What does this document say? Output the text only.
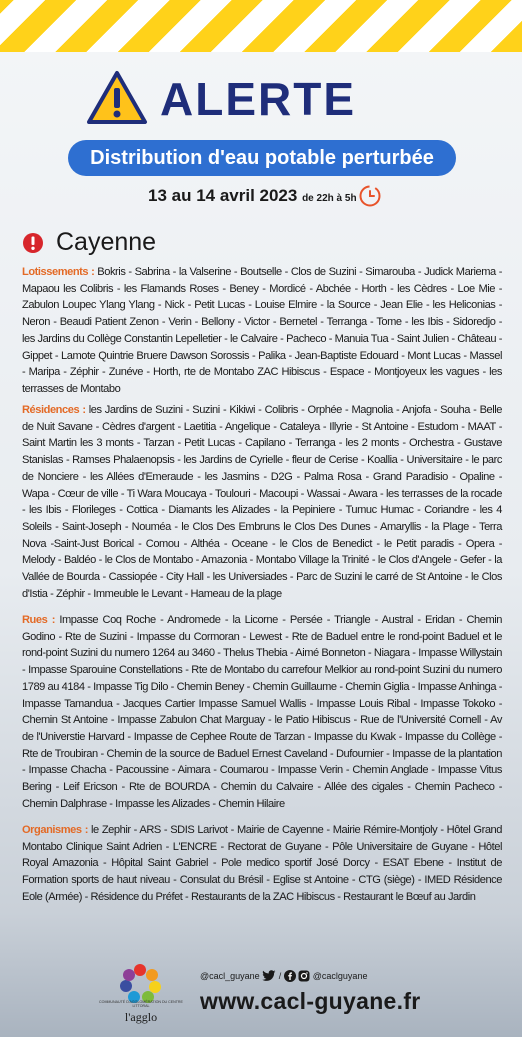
ALERTE
Distribution d'eau potable perturbée
13 au 14 avril 2023 de 22h à 5h
Cayenne
Lotissements : Bokris - Sabrina - la Valserine - Boutselle - Clos de Suzini - Simarouba - Judick Mariema - Mapaou les Colibris - les Flamands Roses - Beney - Mordicé - Abchée - Horth - les Cèdres - Loe Mie - Zabulon Loupec Ylang Ylang - Nick - Petit Lucas - Louise Elmire - la Source - Jean Elie - les Heliconias - Neron - Beaudi Patient Zenon - Verin - Bellony - Victor - Bernetel - Terranga - Tome - les Ibis - Sidoredjo - les Jardins du Collège Constantin Lepelletier - le Calvaire - Pacheco - Manuia Tua - Saint Julien - Château - Gippet - Lamote Quintrie Bruere Dawson Sorossis - Palika - Jean-Baptiste Edouard - Mont Lucas - Massel - Maripa - Zéphir - Zunéve - Horth, rte de Montabo ZAC Hibiscus - Espace - Montjoyeux les vagues - les terrasses de Montabo
Résidences : les Jardins de Suzini - Suzini - Kikiwi - Colibris - Orphée - Magnolia - Anjofa - Souha - Belle de Nuit Savane - Cèdres d'argent - Laetitia - Angelique - Cataleya - Illyrie - St Antoine - Estudom - MAAT - Saint Martin les 3 monts - Tarzan - Petit Lucas - Capilano - Terranga - les 2 monts - Orchestra - Gustave Stanislas - Ramses Phalaenopsis - les Jardins de Cyrielle - fleur de Cerise - Koallia - Universitaire - le parc de Nonciere - les Allées d'Emeraude - les Jasmins - D2G - Palma Rosa - Grand Paradisio - Opaline - Wapa - Cœur de ville - Ti Wara Moucaya - Toulouri - Macoupi - Wassai - Awara - les terrasses de la rocade - les Ibis - Florileges - Cottica - Diamants les Alizades - la Pepiniere - Tumuc Humac - Coriandre - les 4 Soleils - Saint-Joseph - Nouméa - le Clos Des Embruns le Clos Des Dunes - Amaryllis - la Plage - Terra Nova -Saint-Just Borical - Comou - Althéa - Oceane - le Clos de Benedict - le Petit paradis - Opera - Melody - Baldéo - le Clos de Montabo - Amazonia - Montabo Village la Trinité - le Clos d'Angele - Gefer - la Vallée de Bourda - Cassiopée - City Hall - les Universiades - Parc de Suzini le carré de St Antoine - le Clos d'Istia - Zéphir - Immeuble le Levant - Hameau de la plage
Rues : Impasse Coq Roche - Andromede - la Licorne - Persée - Triangle - Austral - Eridan - Chemin Godino - Rte de Suzini - Impasse du Cormoran - Lewest - Rte de Baduel entre le rond-point Baduel et le rond-point Suzini du numero 1264 au 3460 - Thelus Thebia - Aimé Bonneton - Niagara - Impasse Willystain - Impasse Sparouine Constellations - Rte de Montabo du carrefour Melkior au rond-point Suzini du numero 1789 au 4184 - Impasse Tig Dilo - Chemin Beney - Chemin Guillaume - Chemin Giglia - Impasse Anhinga - Impasse Tamandua - Jacques Cartier Impasse Samuel Wallis - Impasse Louis Ribal - Impasse Tokoko - Chemin St Antoine - Impasse Zabulon Chat Marguay - le Patio Hibiscus - Rue de l'Université Cornell - Av de l'Universtie Harvard - Impasse de Cephee Route de Tarzan - Impasse du Kwak - Impasse du Collège - Rte de Troubiran - Chemin de la source de Baduel Ernest Caveland - Dufournier - Impasse de la plantation - Impasse Chacha - Pacoussine - Aimara - Coumarou - Impasse Verin - Chemin Anglade - Impasse Vitus Bering - Leif Ericson - Rte de BOURDA - Chemin du Calvaire - Allée des cigales - Chemin Pacheco - Chemin Dalphrase - Impasse les Alizades - Chemin Hilaire
Organismes : le Zephir - ARS - SDIS Larivot - Mairie de Cayenne - Mairie Rémire-Montjoly - Hôtel Grand Montabo Clinique Saint Adrien - L'ENCRE - Rectorat de Guyane - Pôle Universitaire de Guyane - Hôtel Royal Amazonia - Hôpital Saint Gabriel - Pole medico sportif José Dorcy - ESAT Ebene - Institut de Formation sports de haut niveau - Consulat du Brésil - Eglise st Antoine - CTG (siège) - IMED Résidence Eole (Armée) - Résidence du Préfet - Restaurants de la ZAC Hibiscus - Restaurant le Bœuf au Jardin
COMMUNAUTÉ D'AGGLOMÉRATION DU CENTRE LITTORAL
l'agglo
@cacl_guyane /	@caclguyane
www.cacl-guyane.fr
